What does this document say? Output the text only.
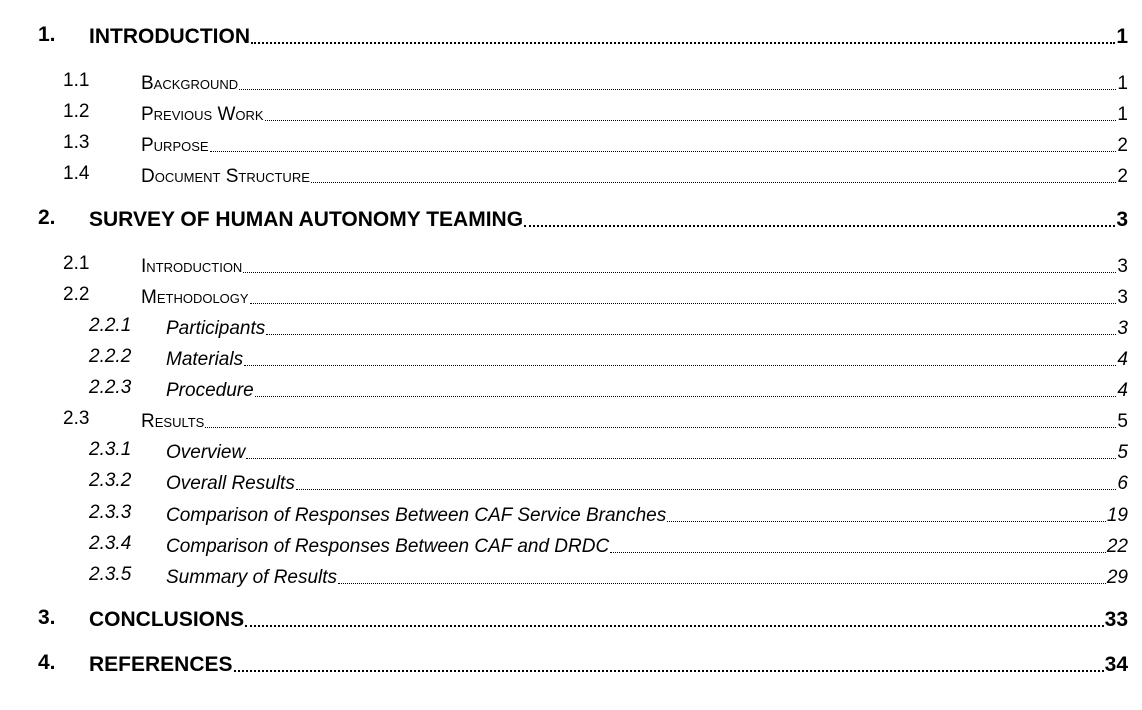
1. INTRODUCTION	1
1.1	Background	1
1.2	Previous Work	1
1.3	Purpose	2
1.4	Document Structure	2
2. SURVEY OF HUMAN AUTONOMY TEAMING	3
2.1	Introduction	3
2.2	Methodology	3
2.2.1 Participants	3
2.2.2 Materials	4
2.2.3 Procedure	4
2.3	Results	5
2.3.1 Overview	5
2.3.2 Overall Results	6
2.3.3 Comparison of Responses Between CAF Service Branches	19
2.3.4 Comparison of Responses Between CAF and DRDC	22
2.3.5 Summary of Results	29
3. CONCLUSIONS	33
4. REFERENCES	34
